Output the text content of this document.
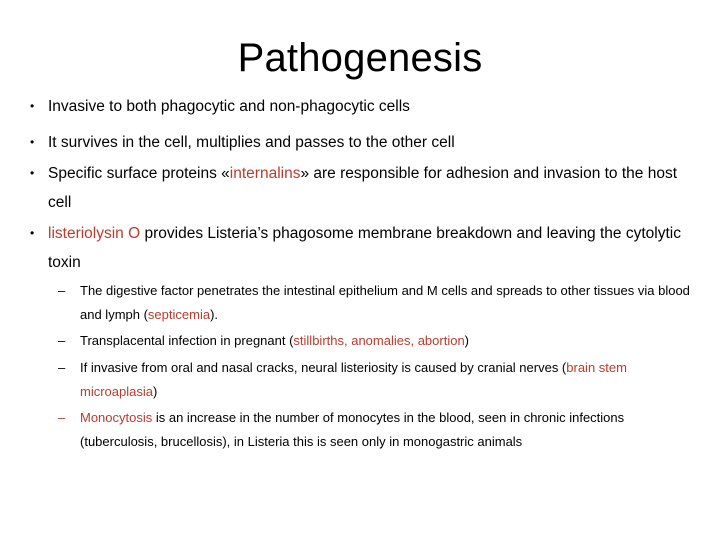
Pathogenesis
• Invasive to both phagocytic and non-phagocytic cells
• It survives in the cell, multiplies and passes to the other cell
• Specific surface proteins «internalins» are responsible for adhesion and invasion to the host cell
• listeriolysin O provides Listeria’s phagosome membrane breakdown and leaving the cytolytic toxin
– The digestive factor penetrates the intestinal epithelium and M cells and spreads to other tissues via blood and lymph (septicemia).
– Transplacental infection in pregnant (stillbirths, anomalies, abortion)
– If invasive from oral and nasal cracks, neural listeriosity is caused by cranial nerves (brain stem microaplasia)
– Monocytosis is an increase in the number of monocytes in the blood, seen in chronic infections (tuberculosis, brucellosis), in Listeria this is seen only in monogastric animals
